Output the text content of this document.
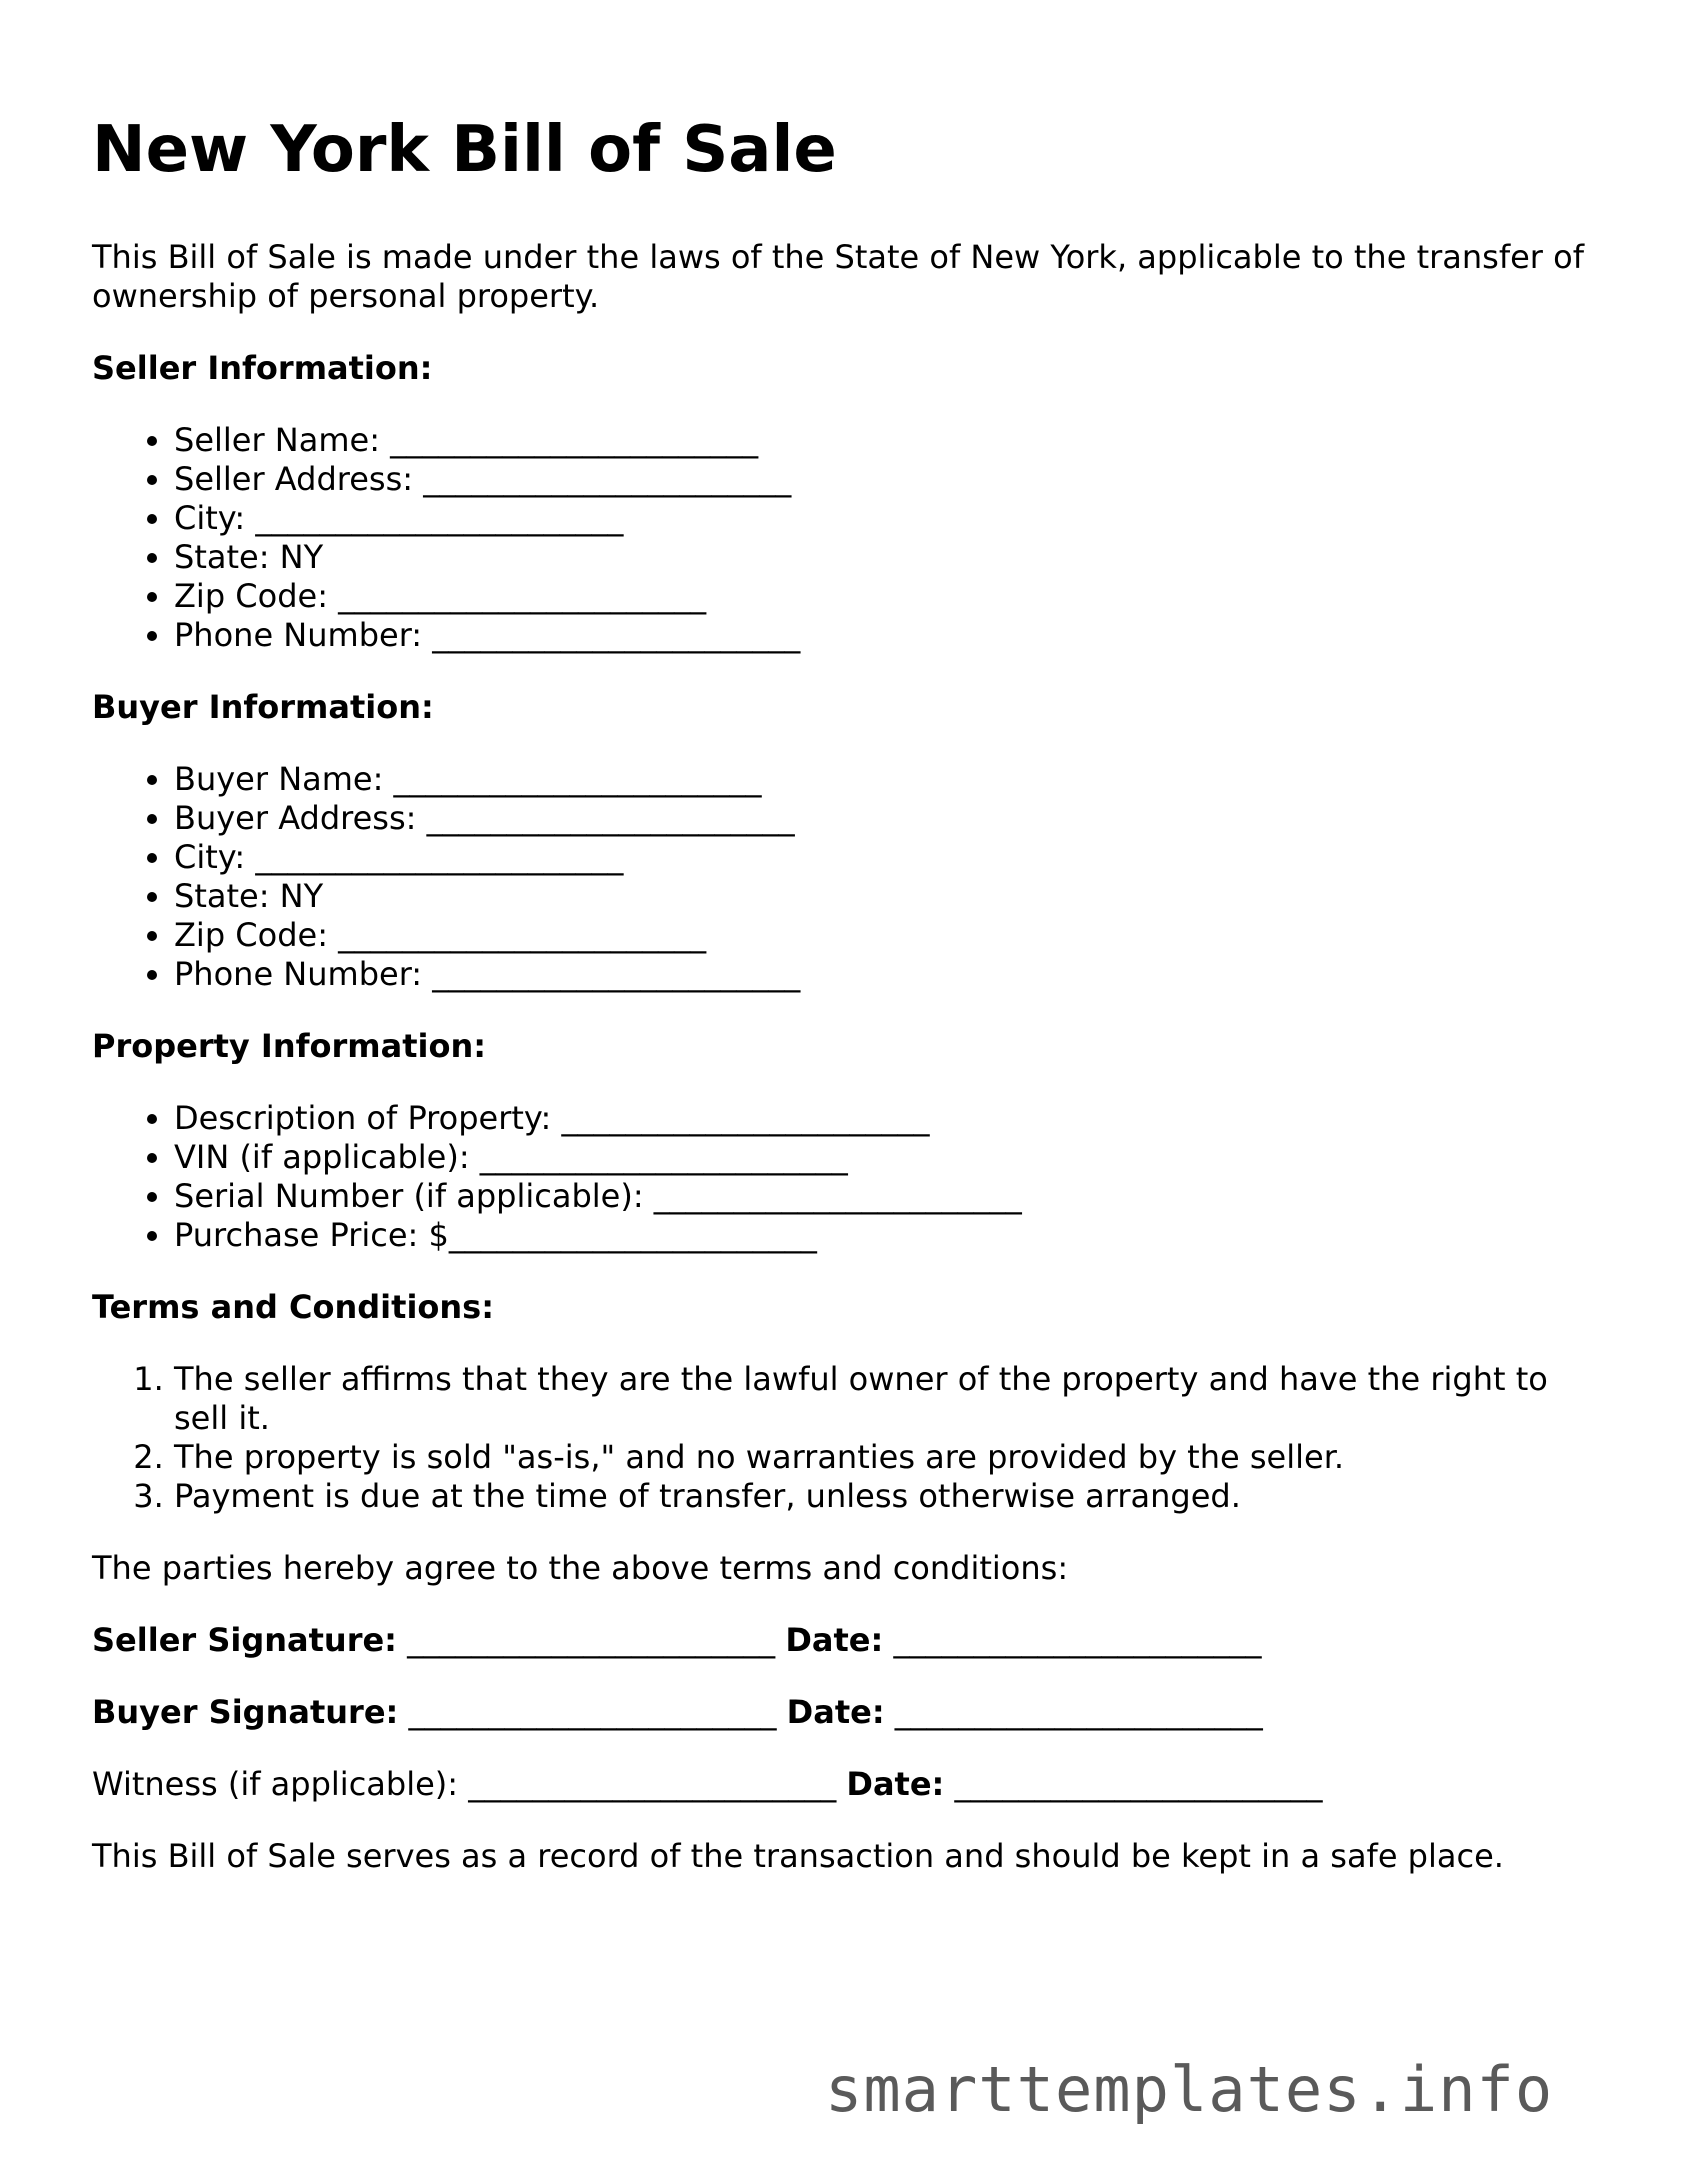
New York Bill of Sale

This Bill of Sale is made under the laws of the State of New York, applicable to the transfer of ownership of personal property.

Seller Information:
• Seller Name: _______________________
• Seller Address: _______________________
• City: _______________________
• State: NY
• Zip Code: _______________________
• Phone Number: _______________________
Buyer Information:
• Buyer Name: _______________________
• Buyer Address: _______________________
• City: _______________________
• State: NY
• Zip Code: _______________________
• Phone Number: _______________________
Property Information:
• Description of Property: _______________________
• VIN (if applicable): _______________________
• Serial Number (if applicable): _______________________
• Purchase Price: $_______________________
Terms and Conditions:
1. The seller affirms that they are the lawful owner of the property and have the right to sell it.
2. The property is sold "as-is," and no warranties are provided by the seller.
3. Payment is due at the time of transfer, unless otherwise arranged.

The parties hereby agree to the above terms and conditions:

Seller Signature: _______________________ Date: _______________________
Buyer Signature: _______________________ Date: _______________________
Witness (if applicable): _______________________ Date: _______________________

This Bill of Sale serves as a record of the transaction and should be kept in a safe place.

smarttemplates.info
